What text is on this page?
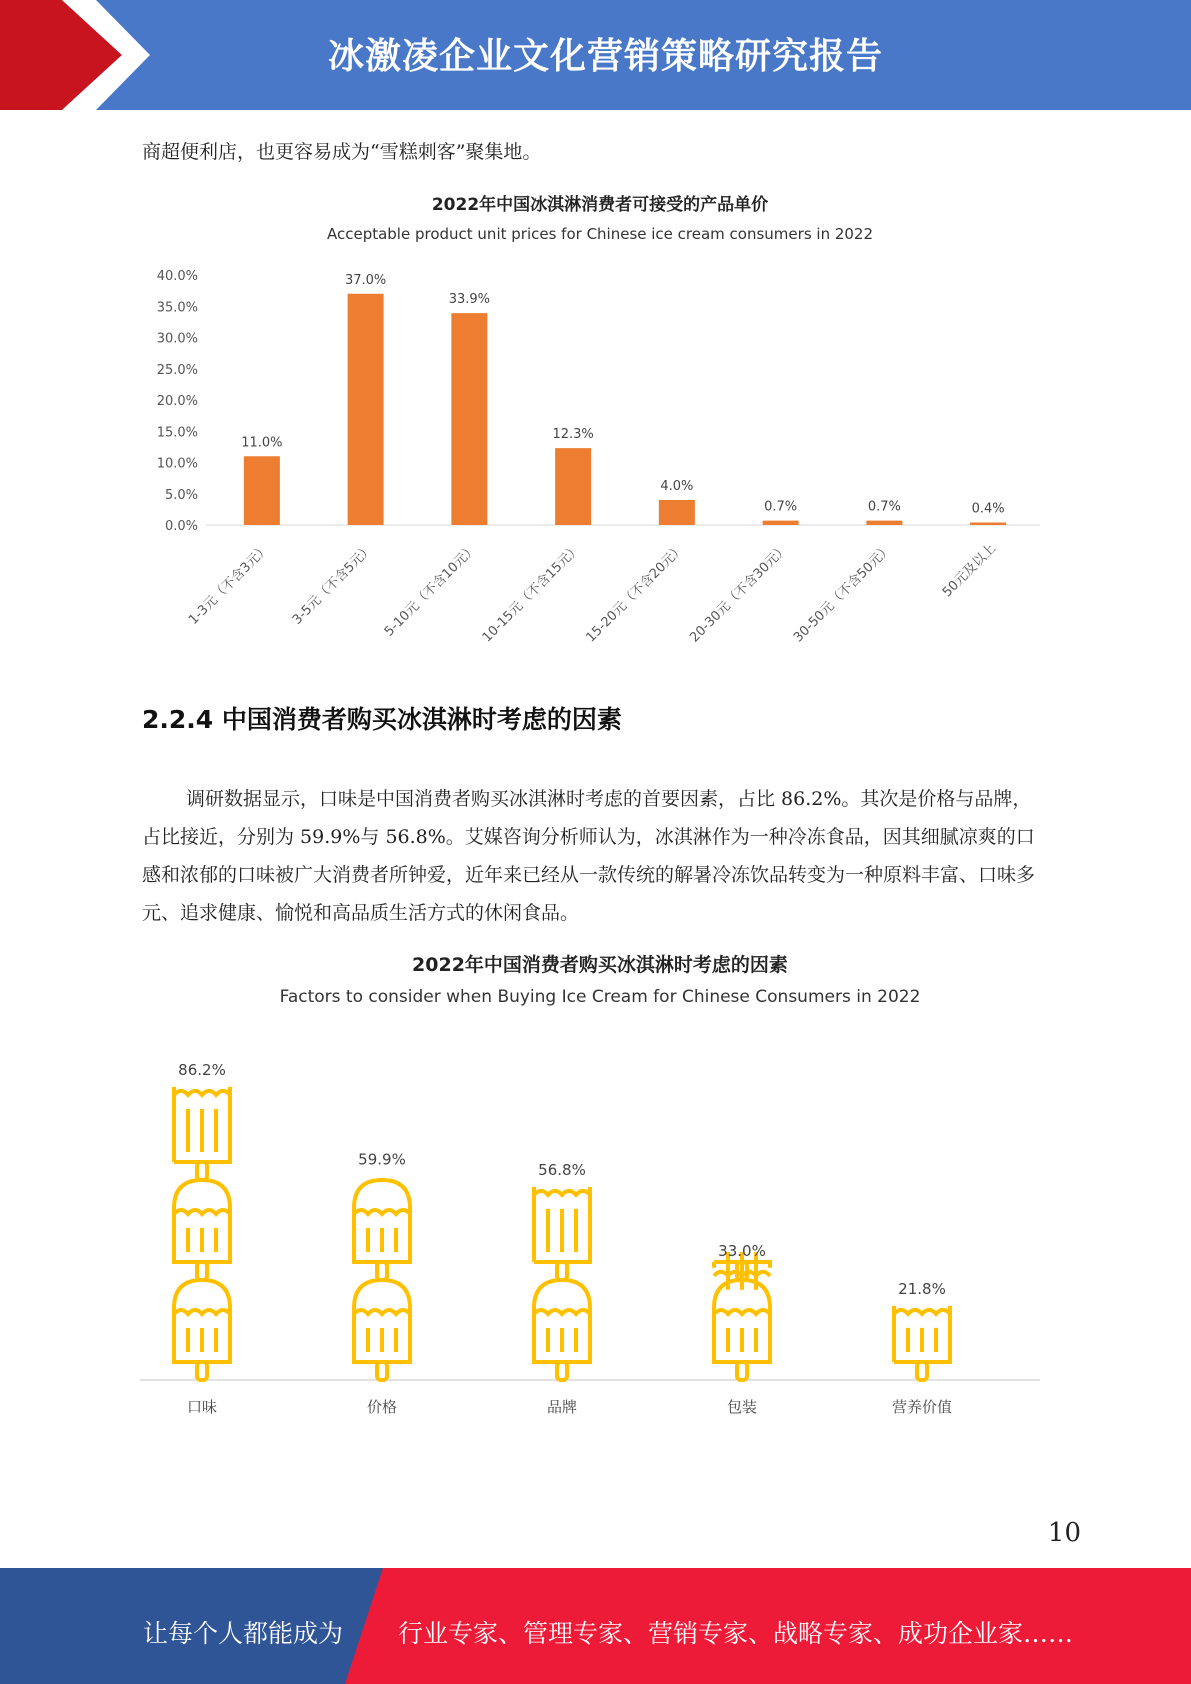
冰激凌企业文化营销策略研究报告

商超便利店，也更容易成为“雪糕刺客”聚集地。

2022年中国冰淇淋消费者可接受的产品单价
Acceptable product unit prices for Chinese ice cream consumers in 2022
0.0%
5.0%
10.0%
15.0%
20.0%
25.0%
30.0%
35.0%
40.0%
11.0%
1-3元（不含3元）
37.0%
3-5元（不含5元）
33.9%
5-10元（不含10元）
12.3%
10-15元（不含15元）
4.0%
15-20元（不含20元）
0.7%
20-30元（不含30元）
0.7%
30-50元（不含50元）
0.4%
50元及以上
2.2.4 中国消费者购买冰淇淋时考虑的因素

调研数据显示，口味是中国消费者购买冰淇淋时考虑的首要因素，占比 86.2%。其次是价格与品牌，占比接近，分别为 59.9%与 56.8%。艾媒咨询分析师认为，冰淇淋作为一种冷冻食品，因其细腻凉爽的口感和浓郁的口味被广大消费者所钟爱，近年来已经从一款传统的解暑冷冻饮品转变为一种原料丰富、口味多元、追求健康、愉悦和高品质生活方式的休闲食品。

2022年中国消费者购买冰淇淋时考虑的因素
Factors to consider when Buying Ice Cream for Chinese Consumers in 2022
86.2%
口味
59.9%
价格
56.8%
品牌
33.0%
包装
21.8%
营养价值
10
让每个人都能成为 行业专家、管理专家、营销专家、战略专家、成功企业家……
